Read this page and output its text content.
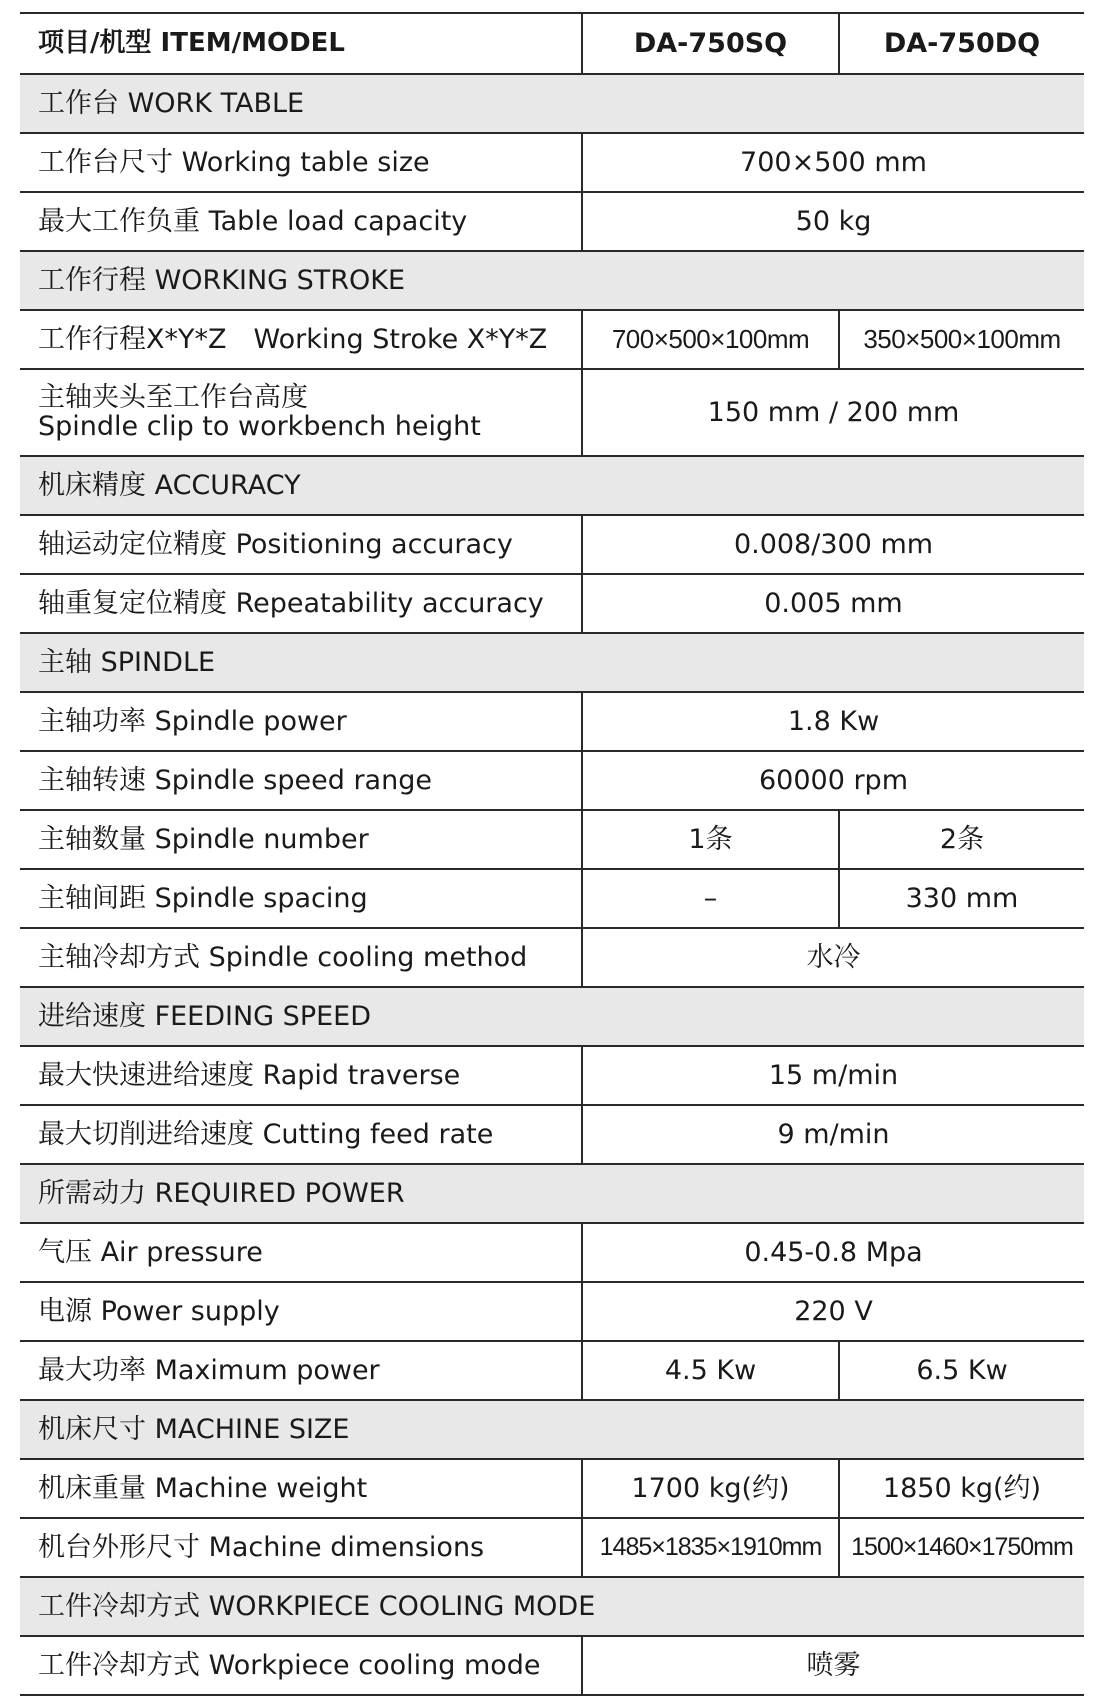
项目/机型 ITEM/MODEL	DA-750SQ	DA-750DQ
工作台 WORK TABLE
工作台尺寸 Working table size	700×500 mm
最大工作负重 Table load capacity	50 kg
工作行程 WORKING STROKE
工作行程X*Y*Z　Working Stroke X*Y*Z	700×500×100mm	350×500×100mm
主轴夹头至工作台高度
Spindle clip to workbench height	150 mm / 200 mm
机床精度 ACCURACY
轴运动定位精度 Positioning accuracy	0.008/300 mm
轴重复定位精度 Repeatability accuracy	0.005 mm
主轴 SPINDLE
主轴功率 Spindle power	1.8 Kw
主轴转速 Spindle speed range	60000 rpm
主轴数量 Spindle number	1条	2条
主轴间距 Spindle spacing	–	330 mm
主轴冷却方式 Spindle cooling method	水冷
进给速度 FEEDING SPEED
最大快速进给速度 Rapid traverse	15 m/min
最大切削进给速度 Cutting feed rate	9 m/min
所需动力 REQUIRED POWER
气压 Air pressure	0.45-0.8 Mpa
电源 Power supply	220 V
最大功率 Maximum power	4.5 Kw	6.5 Kw
机床尺寸 MACHINE SIZE
机床重量 Machine weight	1700 kg(约)	1850 kg(约)
机台外形尺寸 Machine dimensions	1485×1835×1910mm	1500×1460×1750mm
工件冷却方式 WORKPIECE COOLING MODE
工件冷却方式 Workpiece cooling mode	喷雾
